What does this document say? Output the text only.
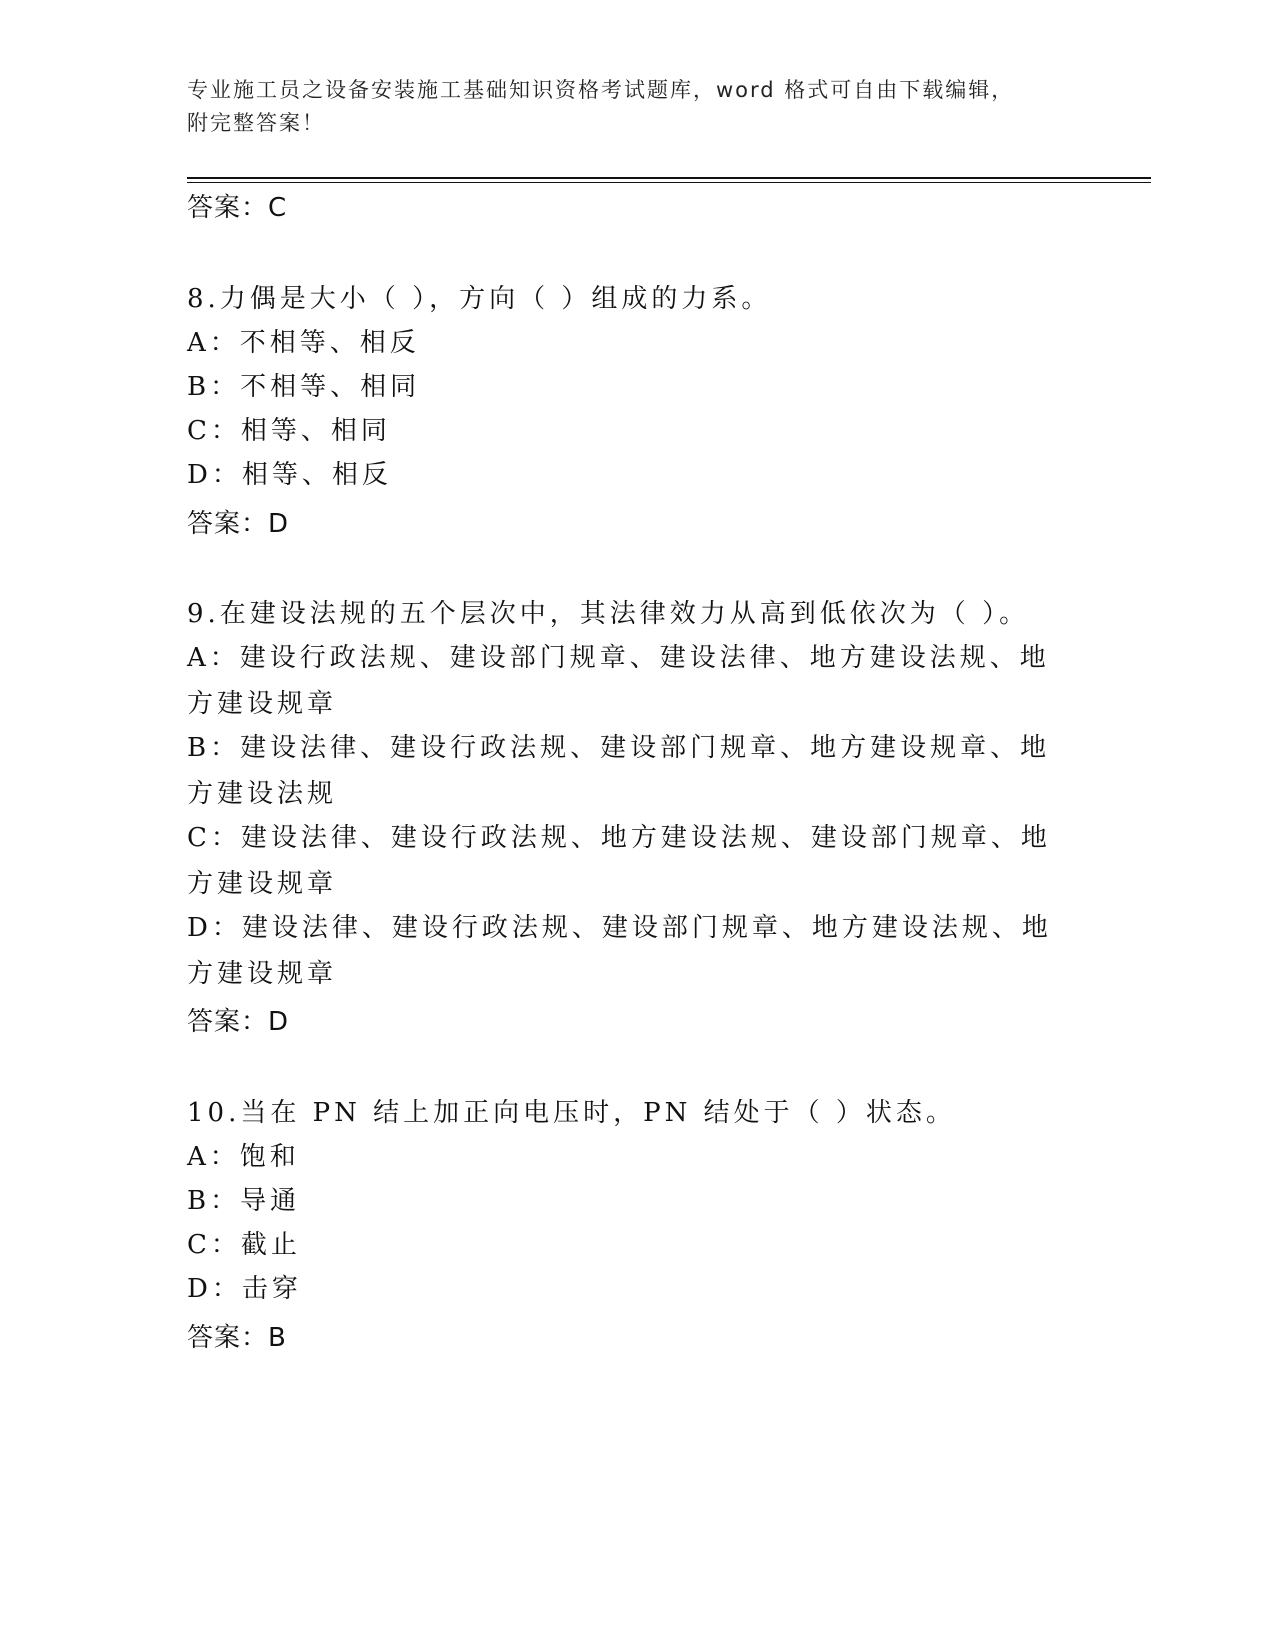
专业施工员之设备安装施工基础知识资格考试题库，word 格式可自由下载编辑，
附完整答案！
答案：C
8.力偶是大小（ ），方向（ ）组成的力系。
A：不相等、相反
B：不相等、相同
C：相等、相同
D：相等、相反
答案：D
9.在建设法规的五个层次中，其法律效力从高到低依次为（ ）。
A：建设行政法规、建设部门规章、建设法律、地方建设法规、地方建设规章
B：建设法律、建设行政法规、建设部门规章、地方建设规章、地方建设法规
C：建设法律、建设行政法规、地方建设法规、建设部门规章、地方建设规章
D：建设法律、建设行政法规、建设部门规章、地方建设法规、地方建设规章
答案：D
10.当在 PN 结上加正向电压时，PN 结处于（ ）状态。
A：饱和
B：导通
C：截止
D：击穿
答案：B
